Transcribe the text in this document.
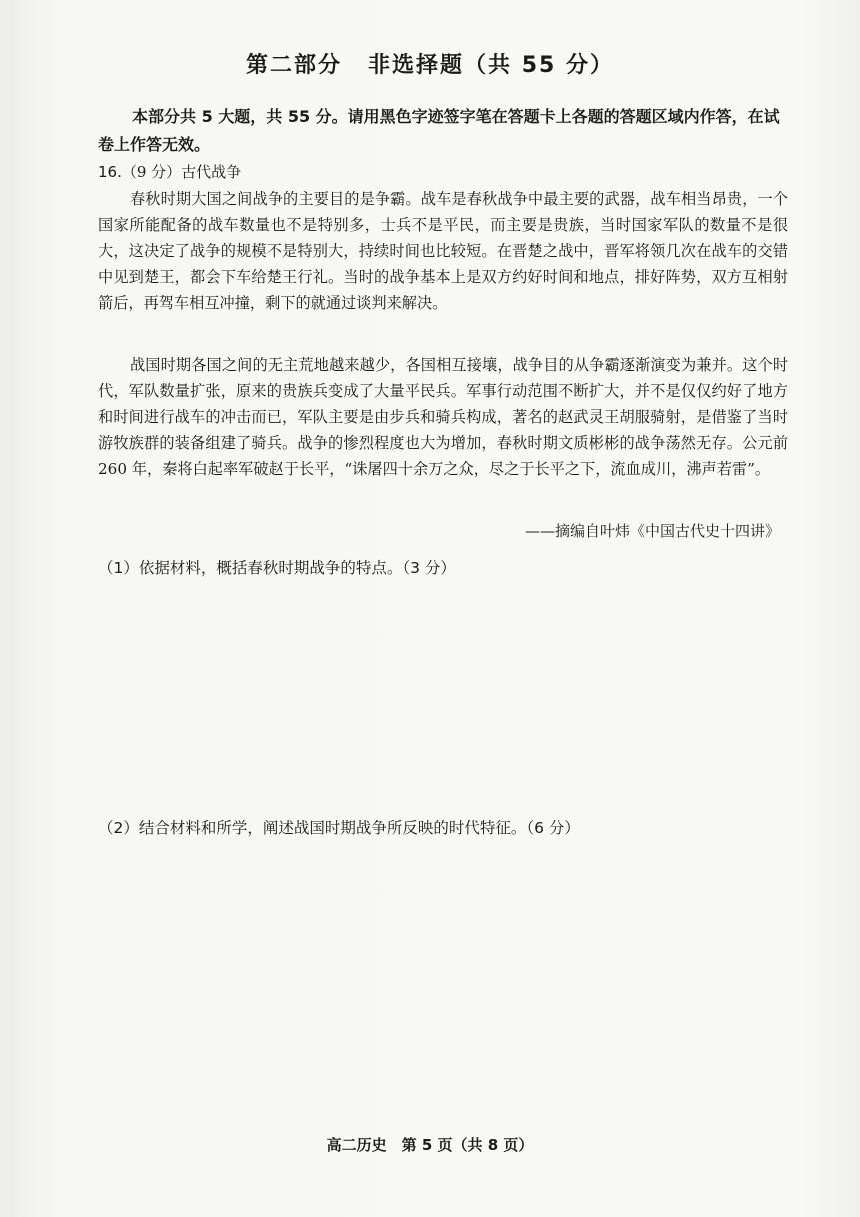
第二部分 非选择题（共 55 分）
本部分共 5 大题，共 55 分。请用黑色字迹签字笔在答题卡上各题的答题区域内作答，在试卷上作答无效。
16.（9 分）古代战争

春秋时期大国之间战争的主要目的是争霸。战车是春秋战争中最主要的武器，战车相当昂贵，一个国家所能配备的战车数量也不是特别多，士兵不是平民，而主要是贵族，当时国家军队的数量不是很大，这决定了战争的规模不是特别大，持续时间也比较短。在晋楚之战中，晋军将领几次在战车的交错中见到楚王，都会下车给楚王行礼。当时的战争基本上是双方约好时间和地点，排好阵势，双方互相射箭后，再驾车相互冲撞，剩下的就通过谈判来解决。

战国时期各国之间的无主荒地越来越少，各国相互接壤，战争目的从争霸逐渐演变为兼并。这个时代，军队数量扩张，原来的贵族兵变成了大量平民兵。军事行动范围不断扩大，并不是仅仅约好了地方和时间进行战车的冲击而已，军队主要是由步兵和骑兵构成，著名的赵武灵王胡服骑射，是借鉴了当时游牧族群的装备组建了骑兵。战争的惨烈程度也大为增加，春秋时期文质彬彬的战争荡然无存。公元前 260 年，秦将白起率军破赵于长平，“诛屠四十余万之众，尽之于长平之下，流血成川，沸声若雷”。

——摘编自叶炜《中国古代史十四讲》
（1）依据材料，概括春秋时期战争的特点。（3 分）
（2）结合材料和所学，阐述战国时期战争所反映的时代特征。（6 分）
高二历史　第 5 页（共 8 页）
